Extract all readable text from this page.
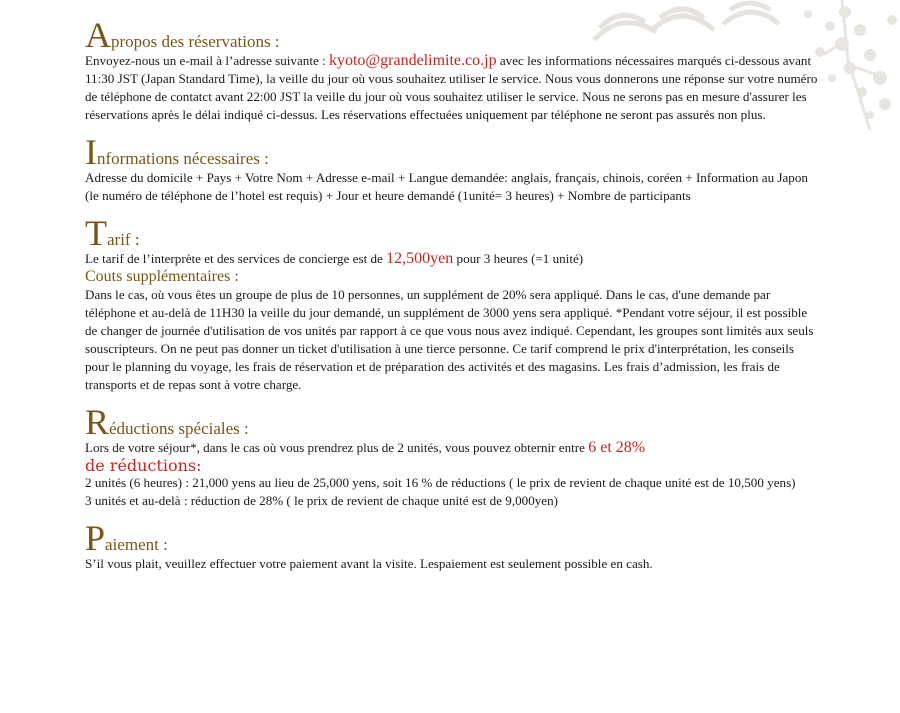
Apropos des réservations :

Envoyez-nous un e-mail à l’adresse suivante : kyoto@grandelimite.co.jp avec les informations nécessaires marqués ci-dessous avant 11:30 JST (Japan Standard Time), la veille du jour où vous souhaitez utiliser le service. Nous vous donnerons une réponse sur votre numéro de téléphone de contatct avant 22:00 JST la veille du jour où vous souhaitez utiliser le service. Nous ne serons pas en mesure d'assurer les réservations après le délai indiqué ci-dessus. Les réservations effectuées uniquement par téléphone ne seront pas assurés non plus.

Informations nécessaires :

Adresse du domicile + Pays + Votre Nom + Adresse e-mail + Langue demandée: anglais, français, chinois, coréen + Information au Japon (le numéro de téléphone de l’hotel est requis) + Jour et heure demandé (1unité= 3 heures) + Nombre de participants

Tarif :

Le tarif de l’interprète et des services de concierge est de 12,500yen pour 3 heures (=1 unité)

Couts supplémentaires :

Dans le cas, où vous êtes un groupe de plus de 10 personnes, un supplément de 20% sera appliqué. Dans le cas, d'une demande par téléphone et au-delà de 11H30 la veille du jour demandé, un supplément de 3000 yens sera appliqué. *Pendant votre séjour, il est possible de changer de journée d'utilisation de vos unités par rapport à ce que vous nous avez indiqué. Cependant, les groupes sont limités aux seuls souscripteurs. On ne peut pas donner un ticket d'utilisation à une tierce personne. Ce tarif comprend le prix d'interprétation, les conseils pour le planning du voyage, les frais de réservation et de préparation des activités et des magasins. Les frais d’admission, les frais de transports et de repas sont à votre charge.

Réductions spéciales :

Lors de votre séjour*, dans le cas où vous prendrez plus de 2 unités, vous pouvez obternir entre 6 et 28%

de réductions:

2 unités (6 heures) : 21,000 yens au lieu de 25,000 yens, soit 16 % de réductions ( le prix de revient de chaque unité est de 10,500 yens)

3 unités et au-delà : réduction de 28% ( le prix de revient de chaque unité est de 9,000yen)

Paiement :

S’il vous plait, veuillez effectuer votre paiement avant la visite. Lespaiement est seulement possible en cash.
